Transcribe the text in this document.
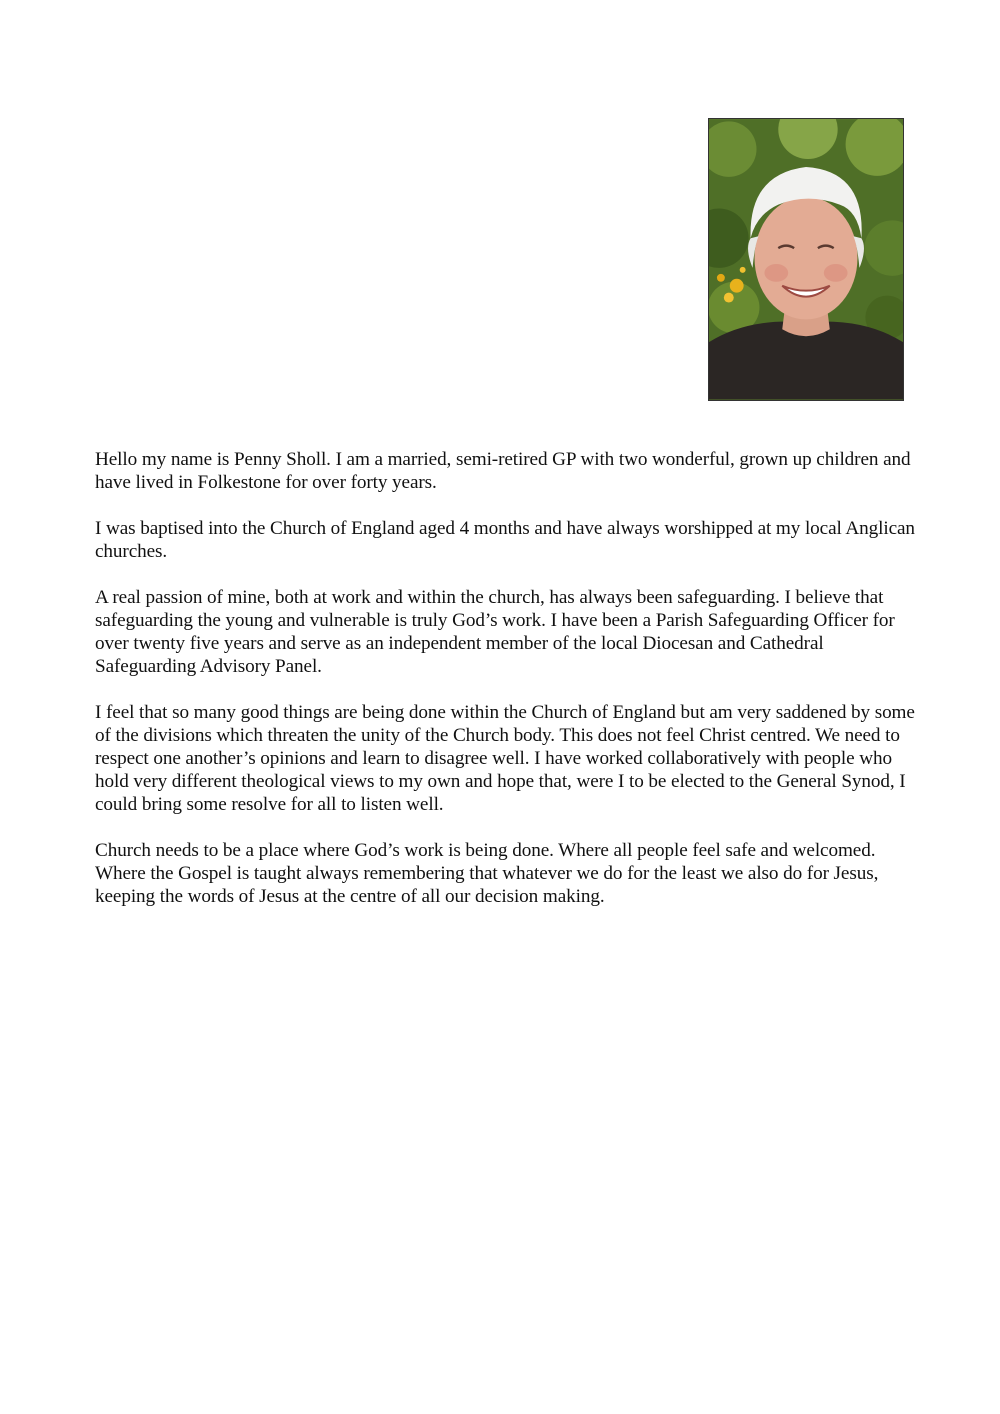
Hello my name is Penny Sholl. I am a married, semi-retired GP with two wonderful, grown up children and have lived in Folkestone for over forty years.

I was baptised into the Church of England aged 4 months and have always worshipped at my local Anglican churches.

A real passion of mine, both at work and within the church, has always been safeguarding. I believe that safeguarding the young and vulnerable is truly God’s work. I have been a Parish Safeguarding Officer for over twenty five years and serve as an independent member of the local Diocesan and Cathedral Safeguarding Advisory Panel.

I feel that so many good things are being done within the Church of England but am very saddened by some of the divisions which threaten the unity of the Church body. This does not feel Christ centred. We need to respect one another’s opinions and learn to disagree well. I have worked collaboratively with people who hold very different theological views to my own and hope that, were I to be elected to the General Synod, I could bring some resolve for all to listen well.

Church needs to be a place where God’s work is being done. Where all people feel safe and welcomed. Where the Gospel is taught always remembering that whatever we do for the least we also do for Jesus, keeping the words of Jesus at the centre of all our decision making.
